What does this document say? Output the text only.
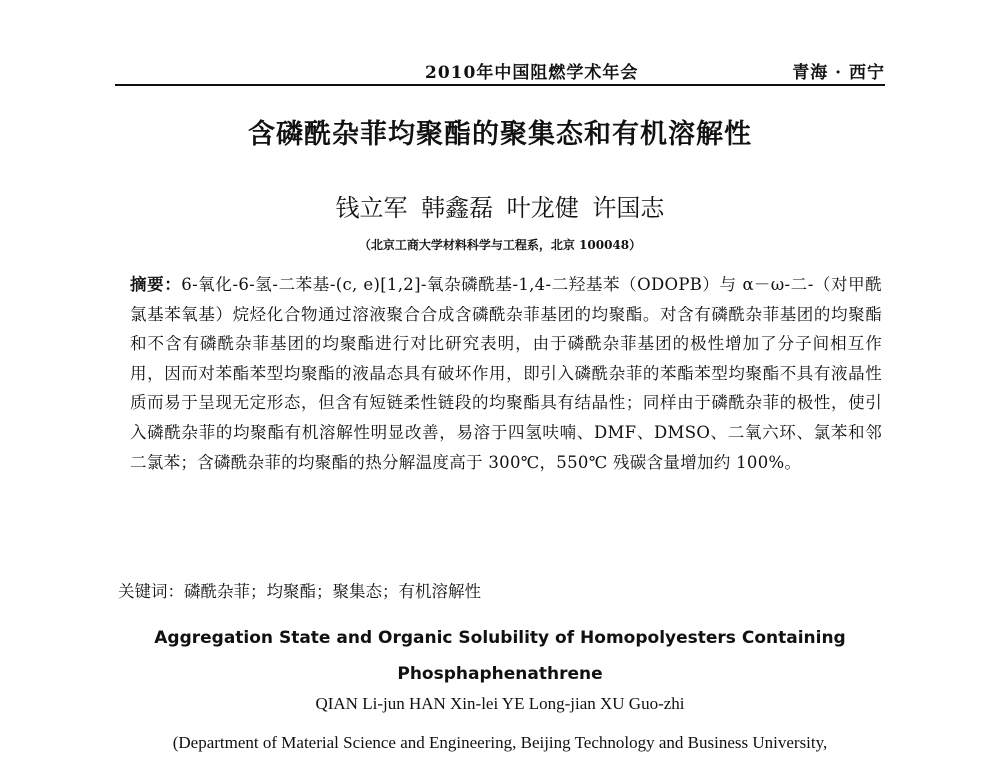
2010年中国阻燃学术年会	青海 · 西宁
含磷酰杂菲均聚酯的聚集态和有机溶解性
钱立军 韩鑫磊 叶龙健 许国志
（北京工商大学材料科学与工程系，北京 100048）
摘要：6-氧化-6-氢-二苯基-(c, e)[1,2]-氧杂磷酰基-1,4-二羟基苯（ODOPB）与 α－ω-二-（对甲酰氯基苯氧基）烷烃化合物通过溶液聚合合成含磷酰杂菲基团的均聚酯。对含有磷酰杂菲基团的均聚酯和不含有磷酰杂菲基团的均聚酯进行对比研究表明，由于磷酰杂菲基团的极性增加了分子间相互作用，因而对苯酯苯型均聚酯的液晶态具有破坏作用，即引入磷酰杂菲的苯酯苯型均聚酯不具有液晶性质而易于呈现无定形态，但含有短链柔性链段的均聚酯具有结晶性；同样由于磷酰杂菲的极性，使引入磷酰杂菲的均聚酯有机溶解性明显改善，易溶于四氢呋喃、DMF、DMSO、二氧六环、氯苯和邻二氯苯；含磷酰杂菲的均聚酯的热分解温度高于 300℃，550℃ 残碳含量增加约 100%。
关键词：磷酰杂菲；均聚酯；聚集态；有机溶解性
Aggregation State and Organic Solubility of Homopolyesters Containing
Phosphaphenathrene
QIAN Li-jun HAN Xin-lei YE Long-jian XU Guo-zhi
(Department of Material Science and Engineering, Beijing Technology and Business University,
